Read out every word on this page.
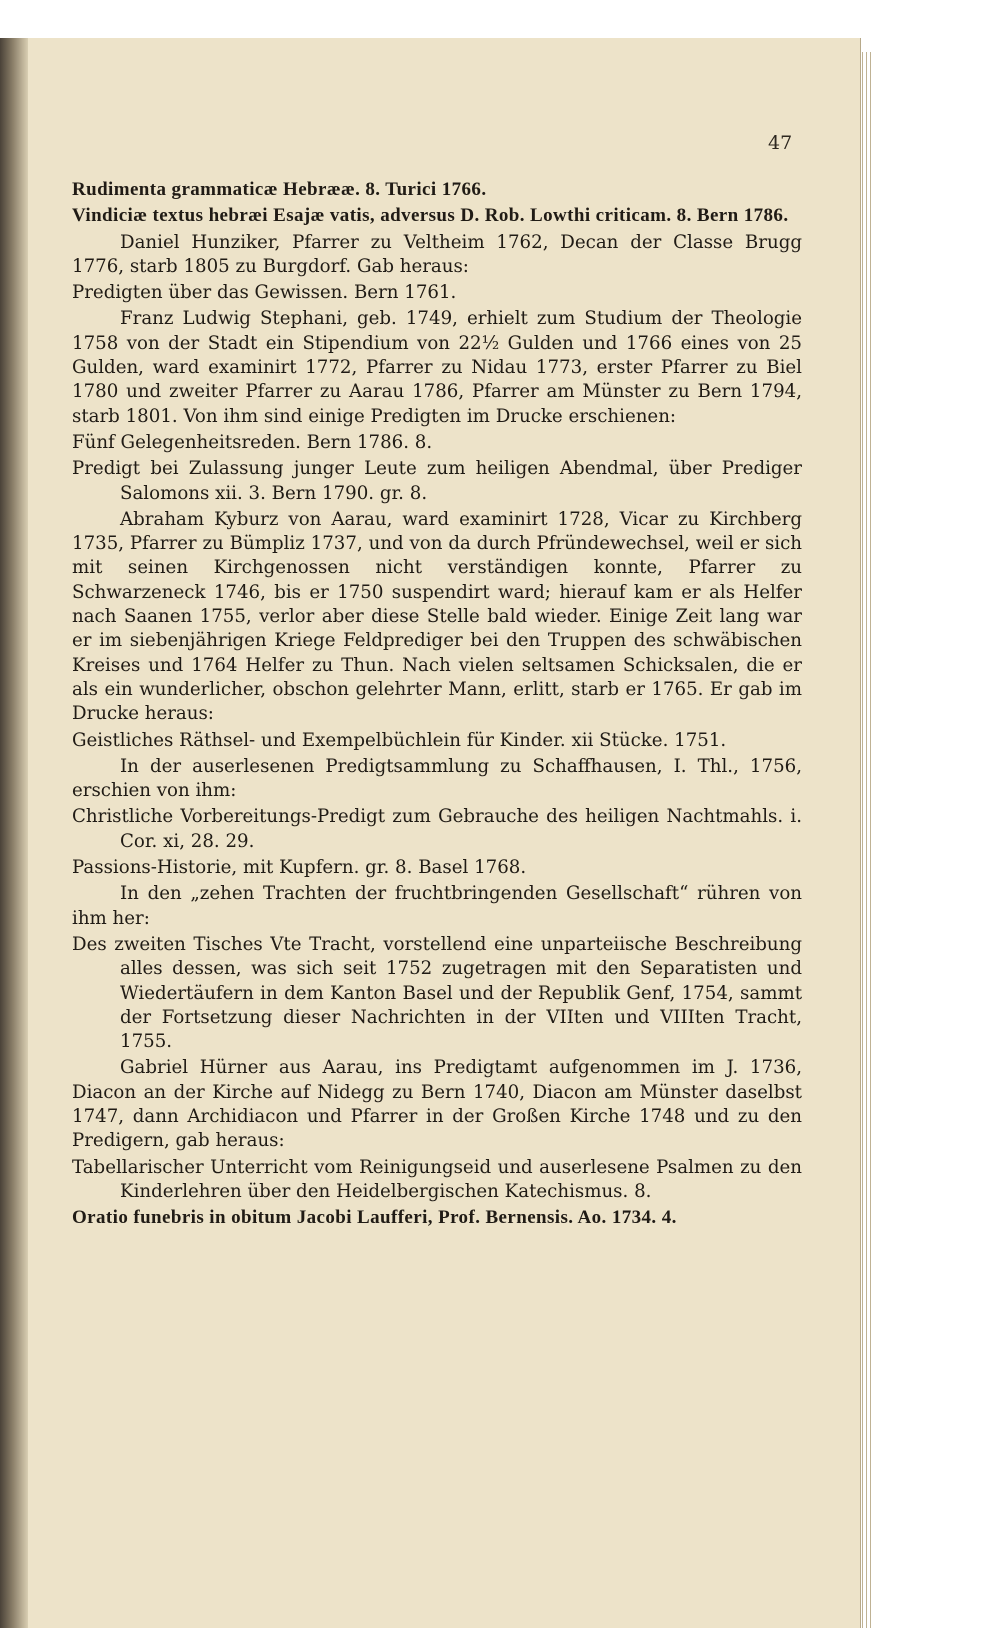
47

Rudimenta grammaticæ Hebrææ. 8. Turici 1766.

Vindiciæ textus hebræi Esajæ vatis, adversus D. Rob. Lowthi criticam. 8. Bern 1786.

Daniel Hunziker, Pfarrer zu Veltheim 1762, Decan der Classe Brugg 1776, starb 1805 zu Burgdorf. Gab heraus:

Predigten über das Gewissen. Bern 1761.

Franz Ludwig Stephani, geb. 1749, erhielt zum Studium der Theologie 1758 von der Stadt ein Stipendium von 22½ Gulden und 1766 eines von 25 Gulden, ward examinirt 1772, Pfarrer zu Nidau 1773, erster Pfarrer zu Biel 1780 und zweiter Pfarrer zu Aarau 1786, Pfarrer am Münster zu Bern 1794, starb 1801. Von ihm sind einige Predigten im Drucke erschienen:

Fünf Gelegenheitsreden. Bern 1786. 8.

Predigt bei Zulassung junger Leute zum heiligen Abendmal, über Prediger Salomons xii. 3. Bern 1790. gr. 8.

Abraham Kyburz von Aarau, ward examinirt 1728, Vicar zu Kirchberg 1735, Pfarrer zu Bümpliz 1737, und von da durch Pfründewechsel, weil er sich mit seinen Kirchgenossen nicht verständigen konnte, Pfarrer zu Schwarzeneck 1746, bis er 1750 suspendirt ward; hierauf kam er als Helfer nach Saanen 1755, verlor aber diese Stelle bald wieder. Einige Zeit lang war er im siebenjährigen Kriege Feldprediger bei den Truppen des schwäbischen Kreises und 1764 Helfer zu Thun. Nach vielen seltsamen Schicksalen, die er als ein wunderlicher, obschon gelehrter Mann, erlitt, starb er 1765. Er gab im Drucke heraus:

Geistliches Räthsel- und Exempelbüchlein für Kinder. xii Stücke. 1751.

In der auserlesenen Predigtsammlung zu Schaffhausen, I. Thl., 1756, erschien von ihm:

Christliche Vorbereitungs-Predigt zum Gebrauche des heiligen Nachtmahls. i. Cor. xi, 28. 29.

Passions-Historie, mit Kupfern. gr. 8. Basel 1768.

In den „zehen Trachten der fruchtbringenden Gesellschaft“ rühren von ihm her:

Des zweiten Tisches Vte Tracht, vorstellend eine unparteiische Beschreibung alles dessen, was sich seit 1752 zugetragen mit den Separatisten und Wiedertäufern in dem Kanton Basel und der Republik Genf, 1754, sammt der Fortsetzung dieser Nachrichten in der VIIten und VIIIten Tracht, 1755.

Gabriel Hürner aus Aarau, ins Predigtamt aufgenommen im J. 1736, Diacon an der Kirche auf Nidegg zu Bern 1740, Diacon am Münster daselbst 1747, dann Archidiacon und Pfarrer in der Großen Kirche 1748 und zu den Predigern, gab heraus:

Tabellarischer Unterricht vom Reinigungseid und auserlesene Psalmen zu den Kinderlehren über den Heidelbergischen Katechismus. 8.

Oratio funebris in obitum Jacobi Laufferi, Prof. Bernensis. Ao. 1734. 4.
